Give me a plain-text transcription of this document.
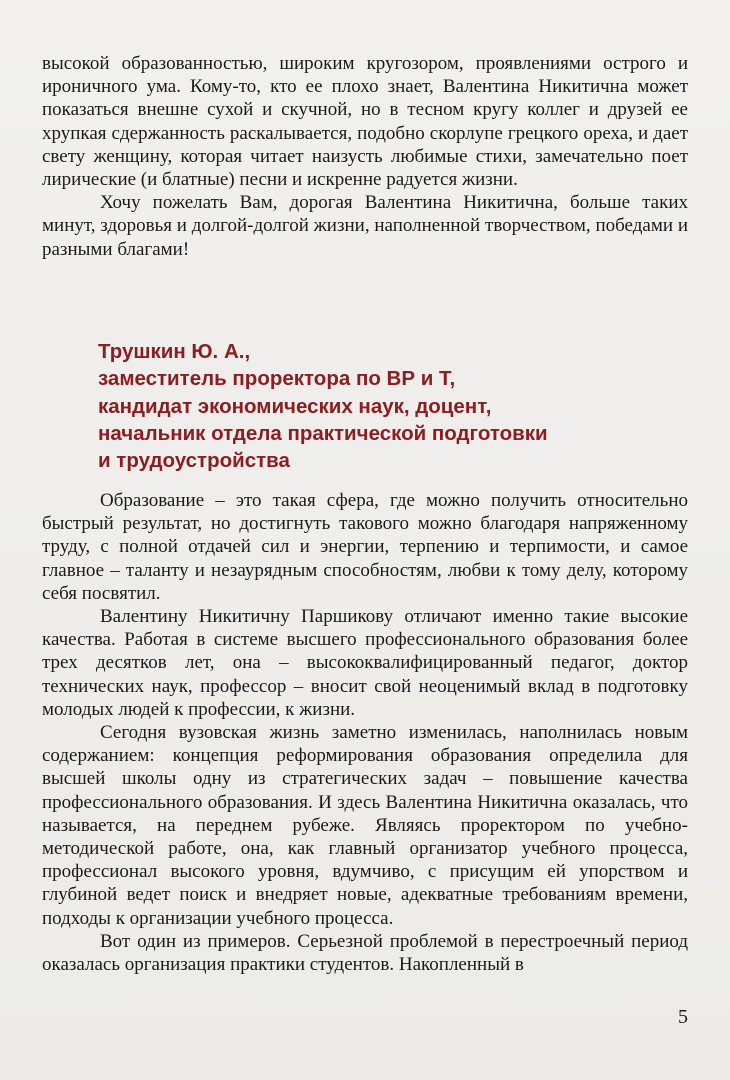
высокой образованностью, широким кругозором, проявлениями острого и ироничного ума. Кому-то, кто ее плохо знает, Валентина Никитична может показаться внешне сухой и скучной, но в тесном кругу коллег и друзей ее хрупкая сдержанность раскалывается, подобно скорлупе грецкого ореха, и дает свету женщину, которая читает наизусть любимые стихи, замечательно поет лирические (и блатные) песни и искренне радуется жизни.

Хочу пожелать Вам, дорогая Валентина Никитична, больше таких минут, здоровья и долгой-долгой жизни, наполненной творчеством, победами и разными благами!

Трушкин Ю. А.,
заместитель проректора по ВР и Т,
кандидат экономических наук, доцент,
начальник отдела практической подготовки
и трудоустройства

Образование – это такая сфера, где можно получить относительно быстрый результат, но достигнуть такового можно благодаря напряженному труду, с полной отдачей сил и энергии, терпению и терпимости, и самое главное – таланту и незаурядным способностям, любви к тому делу, которому себя посвятил.

Валентину Никитичну Паршикову отличают именно такие высокие качества. Работая в системе высшего профессионального образования более трех десятков лет, она – высококвалифицированный педагог, доктор технических наук, профессор – вносит свой неоценимый вклад в подготовку молодых людей к профессии, к жизни.

Сегодня вузовская жизнь заметно изменилась, наполнилась новым содержанием: концепция реформирования образования определила для высшей школы одну из стратегических задач – повышение качества профессионального образования. И здесь Валентина Никитична оказалась, что называется, на переднем рубеже. Являясь проректором по учебно-методической работе, она, как главный организатор учебного процесса, профессионал высокого уровня, вдумчиво, с присущим ей упорством и глубиной ведет поиск и внедряет новые, адекватные требованиям времени, подходы к организации учебного процесса.

Вот один из примеров. Серьезной проблемой в перестроечный период оказалась организация практики студентов. Накопленный в

5
